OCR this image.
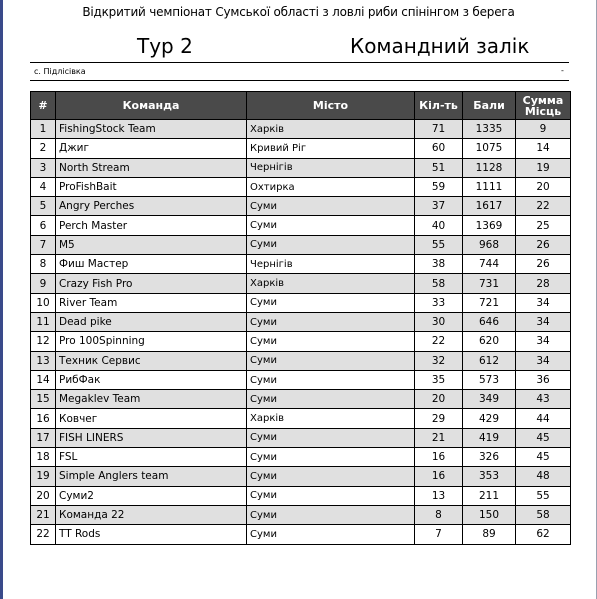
Відкритий чемпіонат Сумської області з ловлі риби спінінгом з берега
Тур 2	Командний залік
с. Підлісівка	-
#	Команда	Місто	Кіл-ть	Бали	Сумма Місць
1	FishingStock Team	Харків	71	1335	9
2	Джиг	Кривий Ріг	60	1075	14
3	North Stream	Чернігів	51	1128	19
4	ProFishBait	Охтирка	59	1111	20
5	Angry Perches	Суми	37	1617	22
6	Perch Master	Суми	40	1369	25
7	M5	Суми	55	968	26
8	Фиш Мастер	Чернігів	38	744	26
9	Crazy Fish Pro	Харків	58	731	28
10	River Team	Суми	33	721	34
11	Dead pike	Суми	30	646	34
12	Pro 100Spinning	Суми	22	620	34
13	Техник Сервис	Суми	32	612	34
14	РибФак	Суми	35	573	36
15	Megaklev Team	Суми	20	349	43
16	Ковчег	Харків	29	429	44
17	FISH LINERS	Суми	21	419	45
18	FSL	Суми	16	326	45
19	Simple Anglers team	Суми	16	353	48
20	Суми2	Суми	13	211	55
21	Команда 22	Суми	8	150	58
22	TT Rods	Суми	7	89	62
